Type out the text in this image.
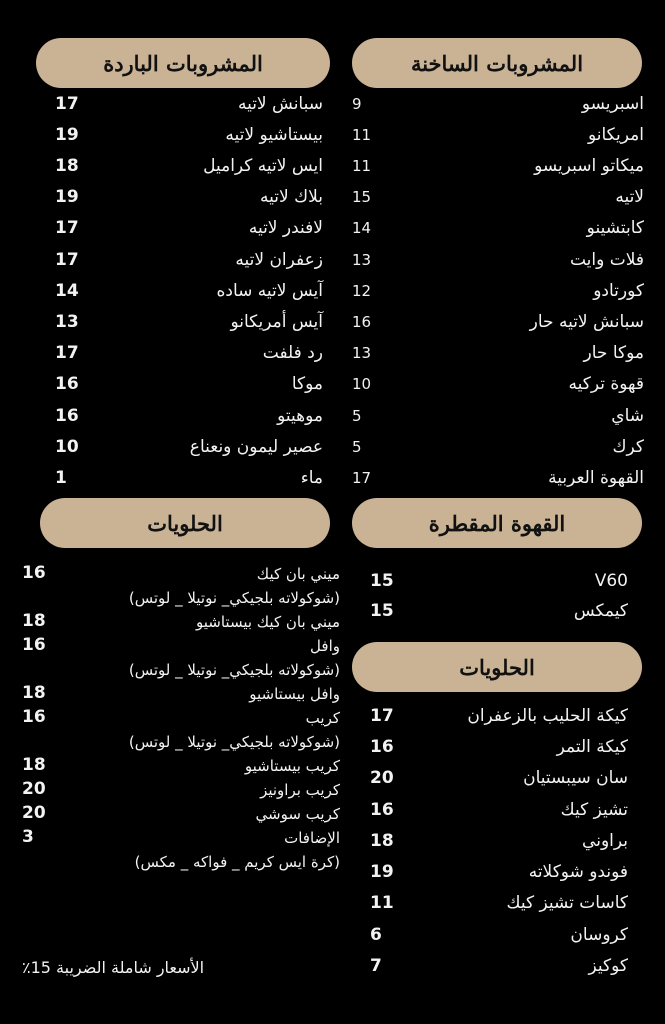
المشروبات الساخنة
9	اسبريسو
11	امريكانو
11	ميكاتو اسبريسو
15	لاتيه
14	كابتشينو
13	فلات وايت
12	كورتادو
16	سبانش لاتيه حار
13	موكا حار
10	قهوة تركيه
5	شاي
5	كرك
17	القهوة العربية
المشروبات الباردة
17	سبانش لاتيه
19	بيستاشيو لاتيه
18	ايس لاتيه كراميل
19	بلاك لاتيه
17	لافندر لاتيه
17	زعفران لاتيه
14	آيس لاتيه ساده
13	آيس أمريكانو
17	رد فلفت
16	موكا
16	موهيتو
10	عصير ليمون ونعناع
1	ماء
القهوة المقطرة
15	V60
15	كيمكس
الحلويات
17	كيكة الحليب بالزعفران
16	كيكة التمر
20	سان سيبستيان
16	تشيز كيك
18	براوني
19	فوندو شوكلاته
11	كاسات تشيز كيك
6	كروسان
7	كوكيز
الحلويات
16	ميني بان كيك
(شوكولاته بلجيكي_ نوتيلا _ لوتس)
18	ميني بان كيك بيستاشيو
16	وافل
(شوكولاته بلجيكي_ نوتيلا _ لوتس)
18	وافل بيستاشيو
16	كريب
(شوكولاته بلجيكي_ نوتيلا _ لوتس)
18	كريب بيستاشيو
20	كريب براونيز
20	كريب سوشي
3	الإضافات
(كرة ايس كريم _ فواكه _ مكس)
الأسعار شاملة الضريبة 15٪
